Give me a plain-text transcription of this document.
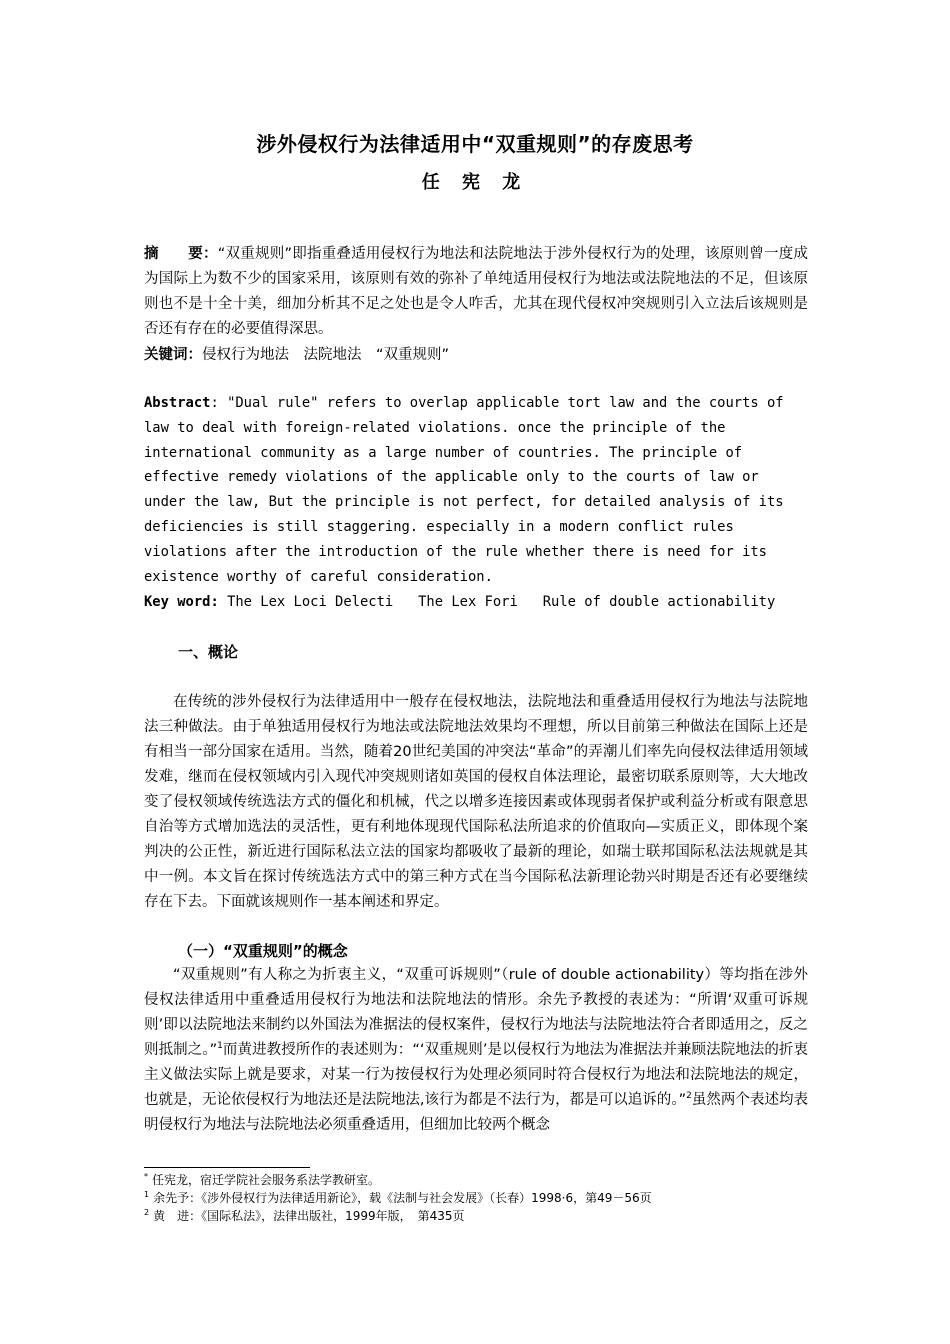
涉外侵权行为法律适用中“双重规则”的存废思考
任 宪 龙
摘　　要：“双重规则”即指重叠适用侵权行为地法和法院地法于涉外侵权行为的处理，该原则曾一度成为国际上为数不少的国家采用，该原则有效的弥补了单纯适用侵权行为地法或法院地法的不足，但该原则也不是十全十美，细加分析其不足之处也是令人咋舌，尤其在现代侵权冲突规则引入立法后该规则是否还有存在的必要值得深思。
关键词：侵权行为地法　法院地法　“双重规则”
Abstract: "Dual rule" refers to overlap applicable tort law and the courts of law to deal with foreign-related violations. once the principle of the international community as a large number of countries. The principle of effective remedy violations of the applicable only to the courts of law or under the law, But the principle is not perfect, for detailed analysis of its deficiencies is still staggering. especially in a modern conflict rules violations after the introduction of the rule whether there is need for its existence worthy of careful consideration.
Key word: The Lex Loci Delecti   The Lex Fori   Rule of double actionability
一、概论
在传统的涉外侵权行为法律适用中一般存在侵权地法，法院地法和重叠适用侵权行为地法与法院地法三种做法。由于单独适用侵权行为地法或法院地法效果均不理想，所以目前第三种做法在国际上还是有相当一部分国家在适用。当然，随着20世纪美国的冲突法“革命”的弄潮儿们率先向侵权法律适用领域发难，继而在侵权领域内引入现代冲突规则诸如英国的侵权自体法理论，最密切联系原则等，大大地改变了侵权领域传统选法方式的僵化和机械，代之以增多连接因素或体现弱者保护或利益分析或有限意思自治等方式增加选法的灵活性，更有利地体现现代国际私法所追求的价值取向—实质正义，即体现个案判决的公正性，新近进行国际私法立法的国家均都吸收了最新的理论，如瑞士联邦国际私法法规就是其中一例。本文旨在探讨传统选法方式中的第三种方式在当今国际私法新理论勃兴时期是否还有必要继续存在下去。下面就该规则作一基本阐述和界定。
（一）“双重规则”的概念
“双重规则”有人称之为折衷主义，“双重可诉规则”（rule of double actionability）等均指在涉外侵权法律适用中重叠适用侵权行为地法和法院地法的情形。余先予教授的表述为：“所谓‘双重可诉规则’即以法院地法来制约以外国法为准据法的侵权案件，侵权行为地法与法院地法符合者即适用之，反之则抵制之。”$^1$而黄进教授所作的表述则为：“‘双重规则’是以侵权行为地法为准据法并兼顾法院地法的折衷主义做法实际上就是要求，对某一行为按侵权行为处理必须同时符合侵权行为地法和法院地法的规定，也就是，无论依侵权行为地法还是法院地法,该行为都是不法行为，都是可以追诉的。”$^2$虽然两个表述均表明侵权行为地法与法院地法必须重叠适用，但细加比较两个概念
* 任宪龙，宿迁学院社会服务系法学教研室。
$^1$ 余先予：《涉外侵权行为法律适用新论》，载《法制与社会发展》（长春）1998·6，第49－56页
$^2$ 黄　进：《国际私法》，法律出版社，1999年版，　第435页
